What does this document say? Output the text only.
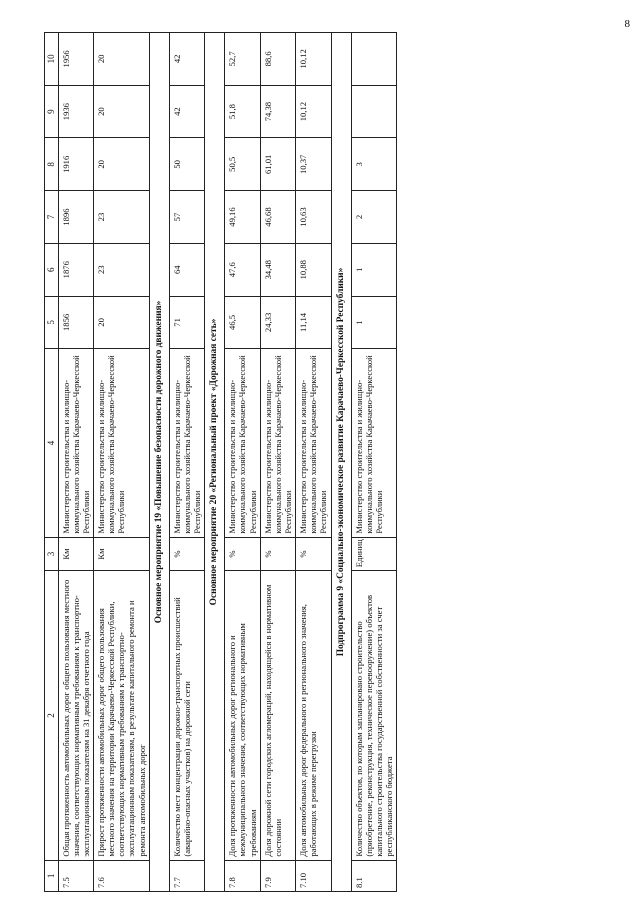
8
1	2	3	4	5	6	7	8	9	10
7.5	Общая протяженность автомобильных дорог общего пользования местного значения, соответствующих нормативным требованиям к транспортно-эксплуатационным показателям на 31 декабря отчетного года	Км	Министерство строительства и жилищно-коммунального хозяйства Карачаево-Черкесской Республики	1856	1876	1896	1916	1936	1956
7.6	Прирост протяженности автомобильных дорог общего пользования местного значения на территории Карачаево-Черкесской Республики, соответствующих нормативным требованиям к транспортно-эксплуатационным показателям, в результате капитального ремонта и ремонта автомобильных дорог	Км	Министерство строительства и жилищно-коммунального хозяйства Карачаево-Черкесской Республики	20	23	23	20	20	20
Основное мероприятие 19 «Повышение безопасности дорожного движения»									
7.7	Количество мест концентрации дорожно-транспортных происшествий (аварийно-опасных участков) на дорожной сети	%	Министерство строительства и жилищно-коммунального хозяйства Карачаево-Черкесской Республики	71	64	57	50	42	42
Основное мероприятие 20 «Региональный проект «Дорожная сеть»									
7.8	Доля протяженности автомобильных дорог регионального и межмуниципального значения, соответствующих нормативным требованиям	%	Министерство строительства и жилищно-коммунального хозяйства Карачаево-Черкесской Республики	46,5	47,6	49,16	50,5	51,8	52,7
7.9	Доля дорожной сети городских агломераций, находящейся в нормативном состоянии	%	Министерство строительства и жилищно-коммунального хозяйства Карачаево-Черкесской Республики	24,33	34,48	46,68	61,01	74,38	88,6
7.10	Доля автомобильных дорог федерального и регионального значения, работающих в режиме перегрузки	%	Министерство строительства и жилищно-коммунального хозяйства Карачаево-Черкесской Республики	11,14	10,88	10,63	10,37	10,12	10,12
Подпрограмма 9 «Социально-экономическое развитие Карачаево-Черкесской Республики»									
8.1	Количество объектов, по которым запланировано строительство (приобретение, реконструкция, техническое перевооружение) объектов капитального строительства государственной собственности за счет республиканского бюджета	Единиц	Министерство строительства и жилищно-коммунального хозяйства Карачаево-Черкесской Республики	1	1	2	3		
